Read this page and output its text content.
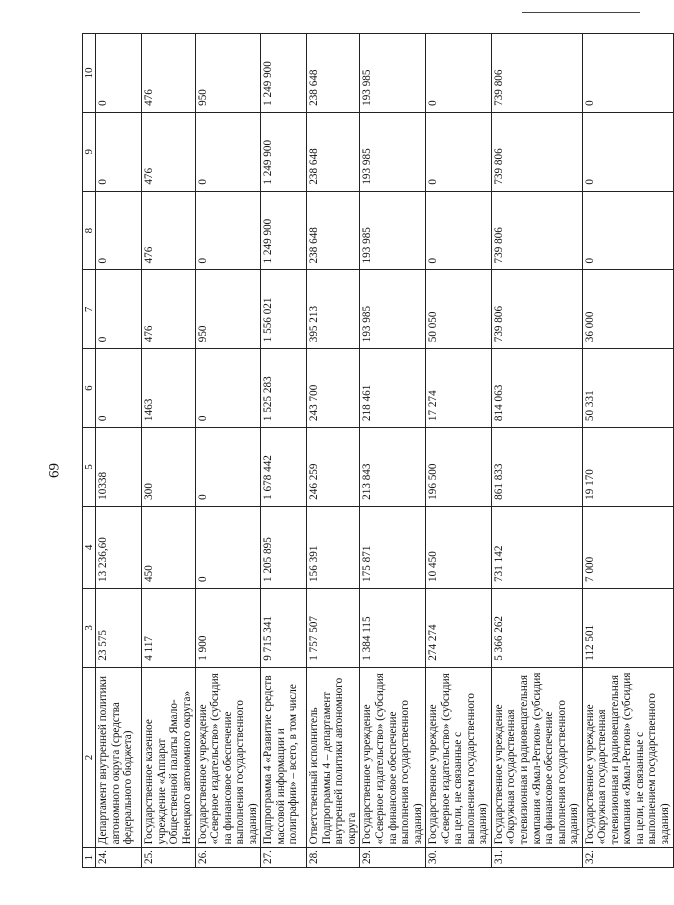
69
1	2	3	4	5	6	7	8	9	10
24.	Департамент внутренней политики автономного округа (средства федерального бюджета)	23 575	13 236,60	10338	0	0	0	0	0
25.	Государственное казенное учреждение «Аппарат Общественной палаты Ямало-Ненецкого автономного округа»	4 117	450	300	1463	476	476	476	476
26.	Государственное учреждение «Северное издательство» (субсидия на финансовое обеспечение выполнения государственного задания)	1 900	0	0	0	950	0	0	950
27.	Подпрограмма 4 «Развитие средств массовой информации и полиграфии» – всего, в том числе	9 715 341	1 205 895	1 678 442	1 525 283	1 556 021	1 249 900	1 249 900	1 249 900
28.	Ответственный исполнитель Подпрограммы 4 – департамент внутренней политики автономного округа	1 757 507	156 391	246 259	243 700	395 213	238 648	238 648	238 648
29.	Государственное учреждение «Северное издательство» (субсидия на финансовое обеспечение выполнения государственного задания)	1 384 115	175 871	213 843	218 461	193 985	193 985	193 985	193 985
30.	Государственное учреждение «Северное издательство» (субсидия на цели, не связанные с выполнением государственного задания)	274 274	10 450	196 500	17 274	50 050	0	0	0
31.	Государственное учреждение «Окружная государственная телевизионная и радиовещательная компания «Ямал-Регион» (субсидия на финансовое обеспечение выполнения государственного задания)	5 366 262	731 142	861 833	814 063	739 806	739 806	739 806	739 806
32.	Государственное учреждение «Окружная государственная телевизионная и радиовещательная компания «Ямал-Регион» (субсидия на цели, не связанные с выполнением государственного задания)	112 501	7 000	19 170	50 331	36 000	0	0	0
